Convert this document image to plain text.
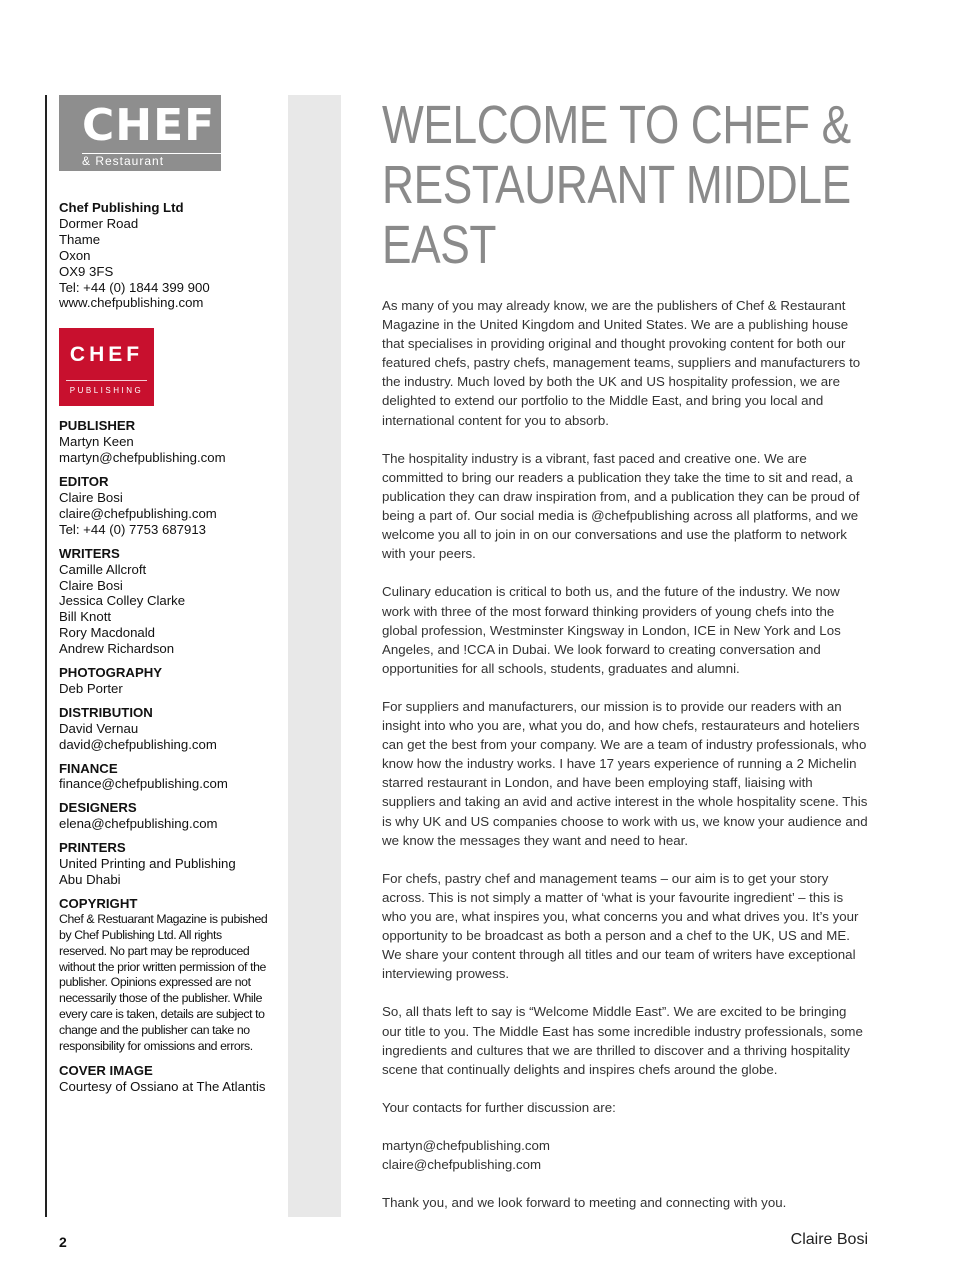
CHEF
& Restaurant
Chef Publishing Ltd
Dormer Road
Thame
Oxon
OX9 3FS
Tel: +44 (0) 1844 399 900
www.chefpublishing.com
CHEF
PUBLISHING
PUBLISHER
Martyn Keen
martyn@chefpublishing.com
EDITOR
Claire Bosi
claire@chefpublishing.com
Tel: +44 (0) 7753 687913
WRITERS
Camille Allcroft
Claire Bosi
Jessica Colley Clarke
Bill Knott
Rory Macdonald
Andrew Richardson
PHOTOGRAPHY
Deb Porter
DISTRIBUTION
David Vernau
david@chefpublishing.com
FINANCE
finance@chefpublishing.com
DESIGNERS
elena@chefpublishing.com
PRINTERS
United Printing and Publishing
Abu Dhabi
COPYRIGHT
Chef & Restuarant Magazine is pubished by Chef Publishing Ltd. All rights reserved. No part may be reproduced without the prior written permission of the publisher. Opinions expressed are not necessarily those of the publisher. While every care is taken, details are subject to change and the publisher can take no responsibility for omissions and errors.
COVER IMAGE
Courtesy of Ossiano at The Atlantis
WELCOME TO CHEF & RESTAURANT MIDDLE EAST

As many of you may already know, we are the publishers of Chef & Restaurant Magazine in the United Kingdom and United States. We are a publishing house that specialises in providing original and thought provoking content for both our featured chefs, pastry chefs, management teams, suppliers and manufacturers to the industry. Much loved by both the UK and US hospitality profession, we are delighted to extend our portfolio to the Middle East, and bring you local and international content for you to absorb.

The hospitality industry is a vibrant, fast paced and creative one. We are committed to bring our readers a publication they take the time to sit and read, a publication they can draw inspiration from, and a publication they can be proud of being a part of. Our social media is @chefpublishing across all platforms, and we welcome you all to join in on our conversations and use the platform to network with your peers.

Culinary education is critical to both us, and the future of the industry. We now work with three of the most forward thinking providers of young chefs into the global profession, Westminster Kingsway in London, ICE in New York and Los Angeles, and !CCA in Dubai. We look forward to creating conversation and opportunities for all schools, students, graduates and alumni.

For suppliers and manufacturers, our mission is to provide our readers with an insight into who you are, what you do, and how chefs, restaurateurs and hoteliers can get the best from your company. We are a team of industry professionals, who know how the industry works. I have 17 years experience of running a 2 Michelin starred restaurant in London, and have been employing staff, liaising with suppliers and taking an avid and active interest in the whole hospitality scene. This is why UK and US companies choose to work with us, we know your audience and we know the messages they want and need to hear.

For chefs, pastry chef and management teams – our aim is to get your story across. This is not simply a matter of ‘what is your favourite ingredient’ – this is who you are, what inspires you, what concerns you and what drives you. It’s your opportunity to be broadcast as both a person and a chef to the UK, US and ME. We share your content through all titles and our team of writers have exceptional interviewing prowess.

So, all thats left to say is “Welcome Middle East”. We are excited to be bringing our title to you. The Middle East has some incredible industry professionals, some ingredients and cultures that we are thrilled to discover and a thriving hospitality scene that continually delights and inspires chefs around the globe.

Your contacts for further discussion are:

martyn@chefpublishing.com
claire@chefpublishing.com

Thank you, and we look forward to meeting and connecting with you.

Claire Bosi
2
